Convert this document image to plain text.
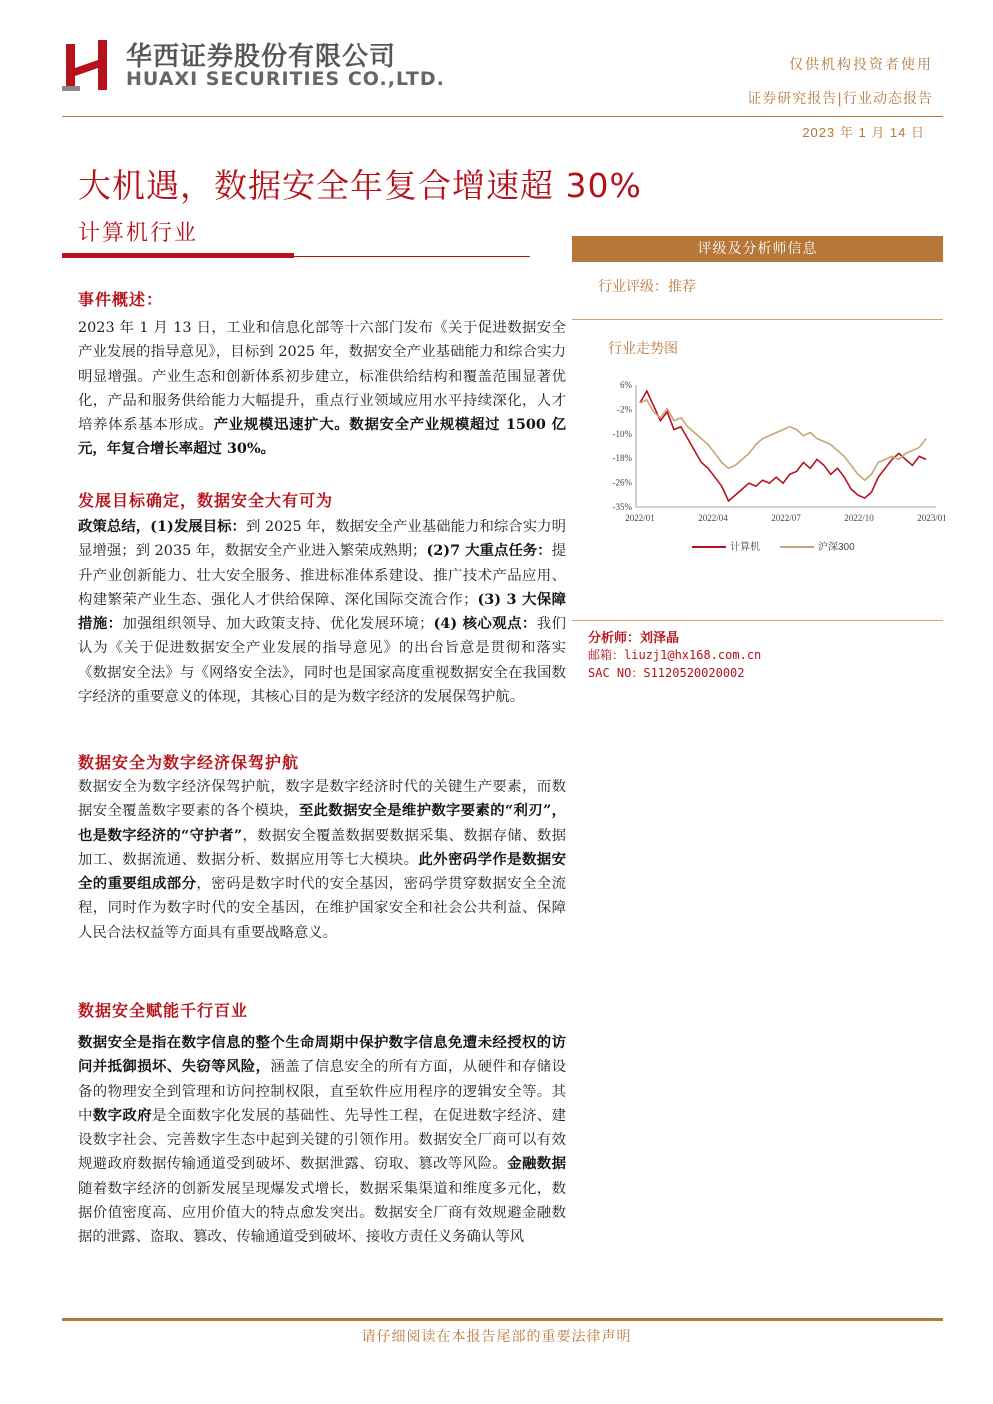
华西证券股份有限公司
HUAXI SECURITIES CO.,LTD.
仅供机构投资者使用
证券研究报告|行业动态报告
2023 年 1 月 14 日
大机遇，数据安全年复合增速超 30%
计算机行业
评级及分析师信息
行业评级：推荐
行业走势图
6%
-2%
-10%
-18%
-26%
-35%
2022/01	2022/04	2022/07	2022/10	2023/01
计算机	沪深300
分析师：刘泽晶
邮箱：liuzj1@hx168.com.cn
SAC NO：S1120520020002
事件概述：
2023 年 1 月 13 日，工业和信息化部等十六部门发布《关于促进数据安全产业发展的指导意见》，目标到 2025 年，数据安全产业基础能力和综合实力明显增强。产业生态和创新体系初步建立，标准供给结构和覆盖范围显著优化，产品和服务供给能力大幅提升，重点行业领域应用水平持续深化，人才培养体系基本形成。产业规模迅速扩大。数据安全产业规模超过 1500 亿元，年复合增长率超过 30%。
发展目标确定，数据安全大有可为
政策总结，(1)发展目标：到 2025 年，数据安全产业基础能力和综合实力明显增强；到 2035 年，数据安全产业进入繁荣成熟期；(2)7 大重点任务：提升产业创新能力、壮大安全服务、推进标准体系建设、推广技术产品应用、构建繁荣产业生态、强化人才供给保障、深化国际交流合作；(3) 3 大保障措施：加强组织领导、加大政策支持、优化发展环境；(4) 核心观点：我们认为《关于促进数据安全产业发展的指导意见》的出台旨意是贯彻和落实《数据安全法》与《网络安全法》，同时也是国家高度重视数据安全在我国数字经济的重要意义的体现，其核心目的是为数字经济的发展保驾护航。
数据安全为数字经济保驾护航
数据安全为数字经济保驾护航，数字是数字经济时代的关键生产要素，而数据安全覆盖数字要素的各个模块，至此数据安全是维护数字要素的“利刃”，也是数字经济的“守护者”，数据安全覆盖数据要数据采集、数据存储、数据加工、数据流通、数据分析、数据应用等七大模块。此外密码学作是数据安全的重要组成部分，密码是数字时代的安全基因，密码学贯穿数据安全全流程，同时作为数字时代的安全基因，在维护国家安全和社会公共利益、保障人民合法权益等方面具有重要战略意义。
数据安全赋能千行百业
数据安全是指在数字信息的整个生命周期中保护数字信息免遭未经授权的访问并抵御损坏、失窃等风险，涵盖了信息安全的所有方面，从硬件和存储设备的物理安全到管理和访问控制权限，直至软件应用程序的逻辑安全等。其中数字政府是全面数字化发展的基础性、先导性工程，在促进数字经济、建设数字社会、完善数字生态中起到关键的引领作用。数据安全厂商可以有效规避政府数据传输通道受到破坏、数据泄露、窃取、篡改等风险。金融数据随着数字经济的创新发展呈现爆发式增长，数据采集渠道和维度多元化，数据价值密度高、应用价值大的特点愈发突出。数据安全厂商有效规避金融数据的泄露、盗取、篡改、传输通道受到破坏、接收方责任义务确认等风
请仔细阅读在本报告尾部的重要法律声明
